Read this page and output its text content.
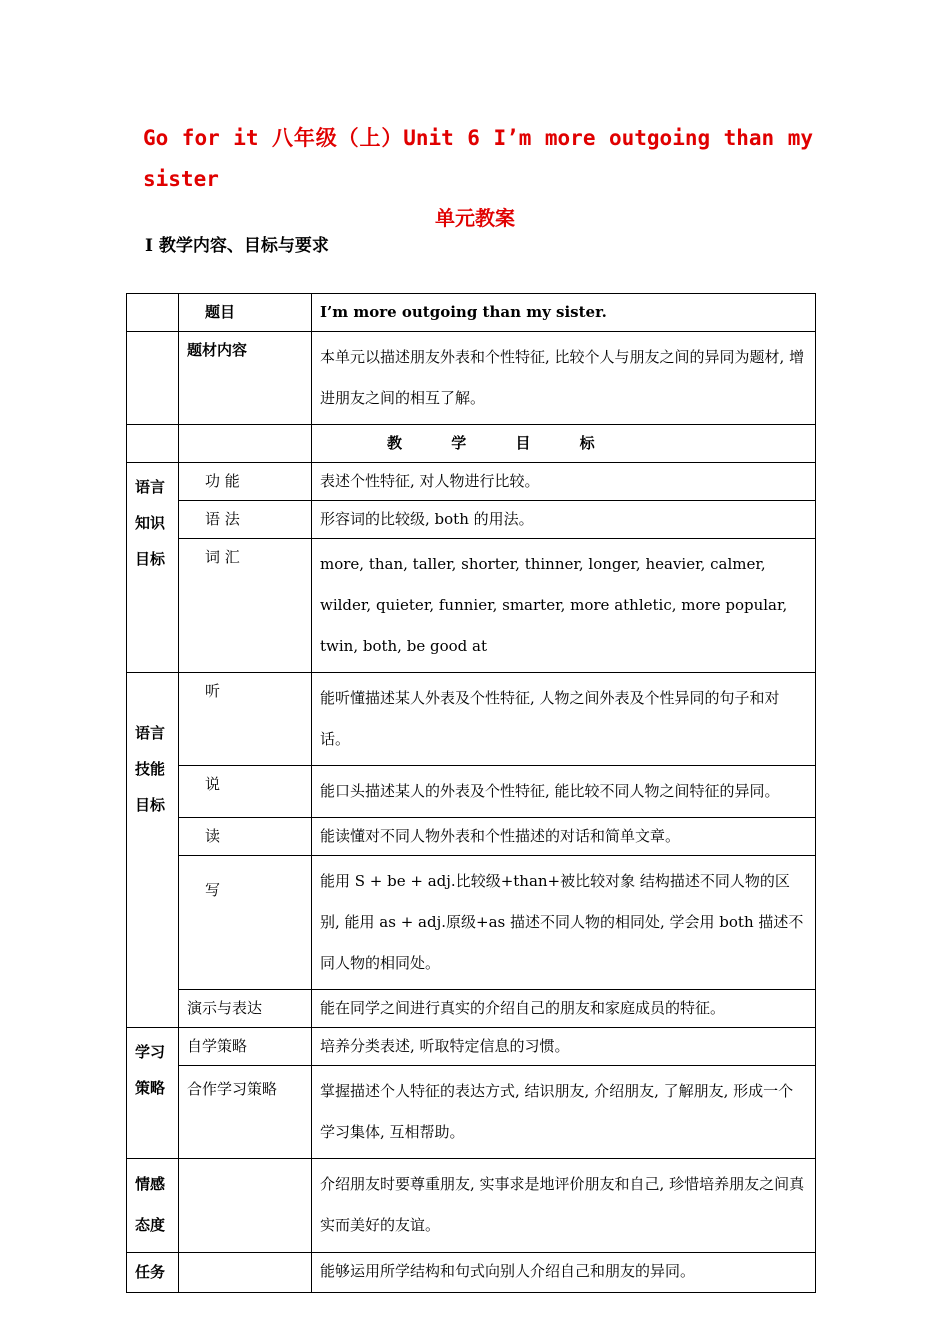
Go for it 八年级（上）Unit 6 I’m more outgoing than my sister
单元教案
I 教学内容、目标与要求
	题目	I’m more outgoing than my sister.
	题材内容	本单元以描述朋友外表和个性特征, 比较个人与朋友之间的异同为题材, 增进朋友之间的相互了解。
		教 学 目 标
语言知识目标	功 能	表述个性特征, 对人物进行比较。
	语 法	形容词的比较级, both 的用法。
	词 汇	more, than, taller, shorter, thinner, longer, heavier, calmer, wilder, quieter, funnier, smarter, more athletic, more popular, twin, both, be good at
语言技能目标	听	能听懂描述某人外表及个性特征, 人物之间外表及个性异同的句子和对话。
	说	能口头描述某人的外表及个性特征, 能比较不同人物之间特征的异同。
	读	能读懂对不同人物外表和个性描述的对话和简单文章。
	写	能用 S + be + adj.比较级+than+被比较对象 结构描述不同人物的区别, 能用 as + adj.原级+as 描述不同人物的相同处, 学会用 both 描述不同人物的相同处。
	演示与表达	能在同学之间进行真实的介绍自己的朋友和家庭成员的特征。
学习策略	自学策略	培养分类表述, 听取特定信息的习惯。
	合作学习策略	掌握描述个人特征的表达方式, 结识朋友, 介绍朋友, 了解朋友, 形成一个学习集体, 互相帮助。
情感态度		介绍朋友时要尊重朋友, 实事求是地评价朋友和自己, 珍惜培养朋友之间真实而美好的友谊。
任务		能够运用所学结构和句式向别人介绍自己和朋友的异同。
